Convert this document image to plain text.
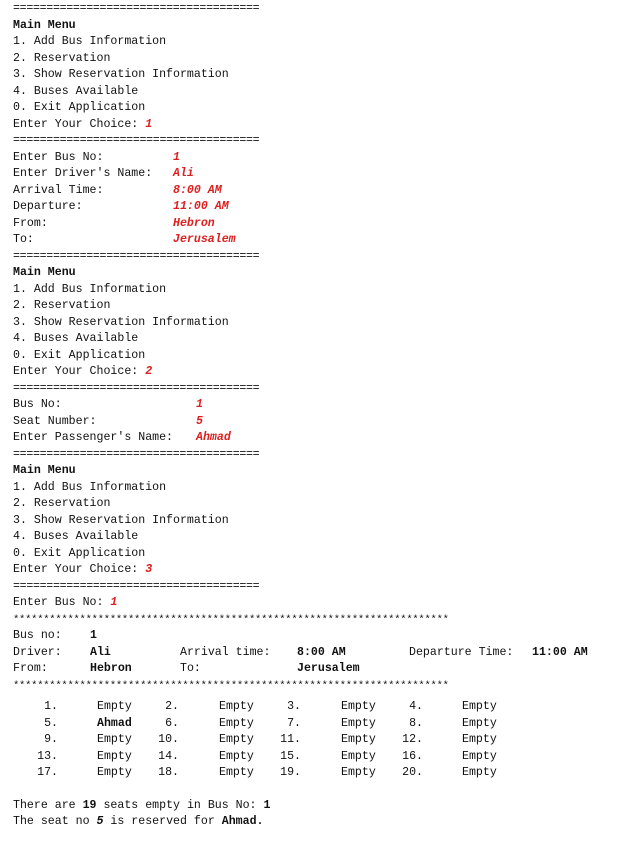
=====================================
Main Menu
1. Add Bus Information
2. Reservation
3. Show Reservation Information
4. Buses Available
0. Exit Application
Enter Your Choice: 1
=====================================
Enter Bus No:	1
Enter Driver's Name: Ali
Arrival Time:	8:00 AM
Departure:	11:00 AM
From:	Hebron
To:	Jerusalem
=====================================
Main Menu
1. Add Bus Information
2. Reservation
3. Show Reservation Information
4. Buses Available
0. Exit Application
Enter Your Choice: 2
=====================================
Bus No:	1
Seat Number:	5
Enter Passenger's Name: Ahmad
=====================================
Main Menu
1. Add Bus Information
2. Reservation
3. Show Reservation Information
4. Buses Available
0. Exit Application
Enter Your Choice: 3
=====================================
Enter Bus No: 1
************************************************************************
Bus no: 1
Driver: Ali	Arrival time: 8:00 AM	Departure Time: 11:00 AM
From:	Hebron	To:	Jerusalem
************************************************************************
1.	Empty	2.	Empty	3.	Empty	4.	Empty
5.	Ahmad	6.	Empty	7.	Empty	8.	Empty
9.	Empty 10.	Empty 11.	Empty 12.	Empty
13.	Empty 14.	Empty 15.	Empty 16.	Empty
17.	Empty 18.	Empty 19.	Empty 20.	Empty
There are 19 seats empty in Bus No: 1
The seat no 5 is reserved for Ahmad.
